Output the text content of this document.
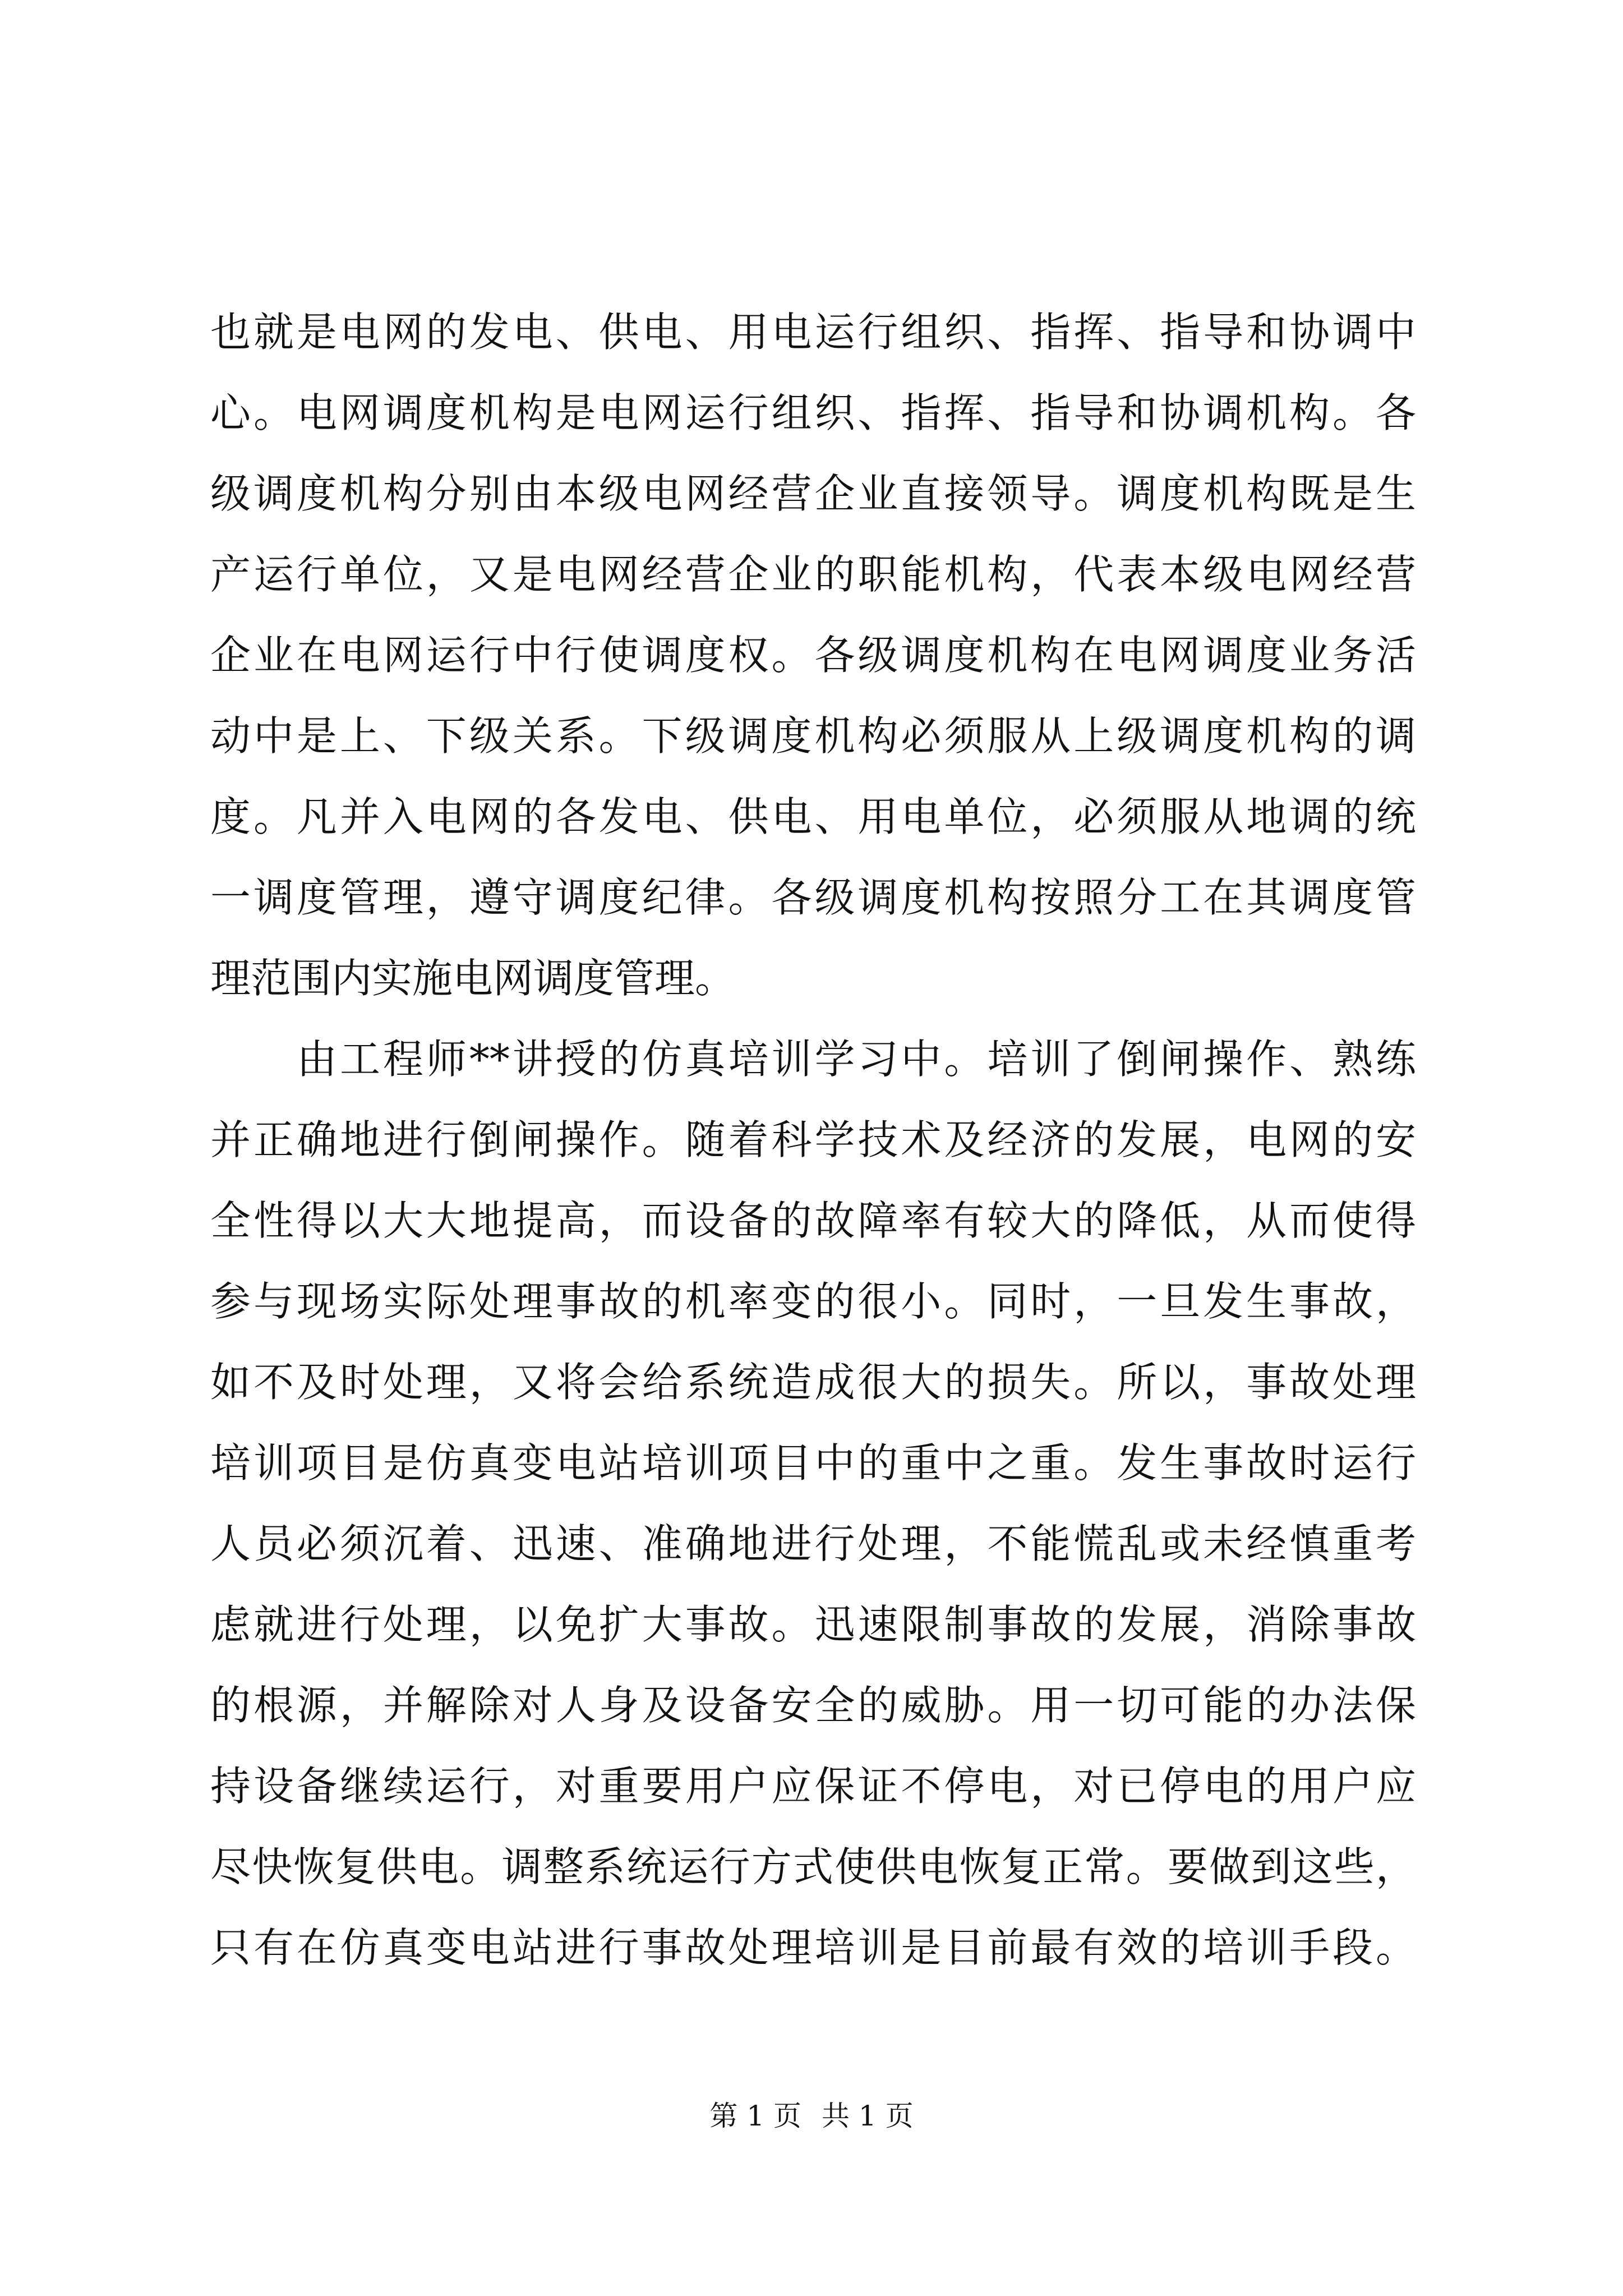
也就是电网的发电、供电、用电运行组织、指挥、指导和协调中
心。电网调度机构是电网运行组织、指挥、指导和协调机构。各
级调度机构分别由本级电网经营企业直接领导。调度机构既是生
产运行单位，又是电网经营企业的职能机构，代表本级电网经营
企业在电网运行中行使调度权。各级调度机构在电网调度业务活
动中是上、下级关系。下级调度机构必须服从上级调度机构的调
度。凡并入电网的各发电、供电、用电单位，必须服从地调的统
一调度管理，遵守调度纪律。各级调度机构按照分工在其调度管
理范围内实施电网调度管理。
由工程师**讲授的仿真培训学习中。培训了倒闸操作、熟练
并正确地进行倒闸操作。随着科学技术及经济的发展，电网的安
全性得以大大地提高，而设备的故障率有较大的降低，从而使得
参与现场实际处理事故的机率变的很小。同时，一旦发生事故，
如不及时处理，又将会给系统造成很大的损失。所以，事故处理
培训项目是仿真变电站培训项目中的重中之重。发生事故时运行
人员必须沉着、迅速、准确地进行处理，不能慌乱或未经慎重考
虑就进行处理，以免扩大事故。迅速限制事故的发展，消除事故
的根源，并解除对人身及设备安全的威胁。用一切可能的办法保
持设备继续运行，对重要用户应保证不停电，对已停电的用户应
尽快恢复供电。调整系统运行方式使供电恢复正常。要做到这些，
只有在仿真变电站进行事故处理培训是目前最有效的培训手段。
第 1 页 共 1 页
